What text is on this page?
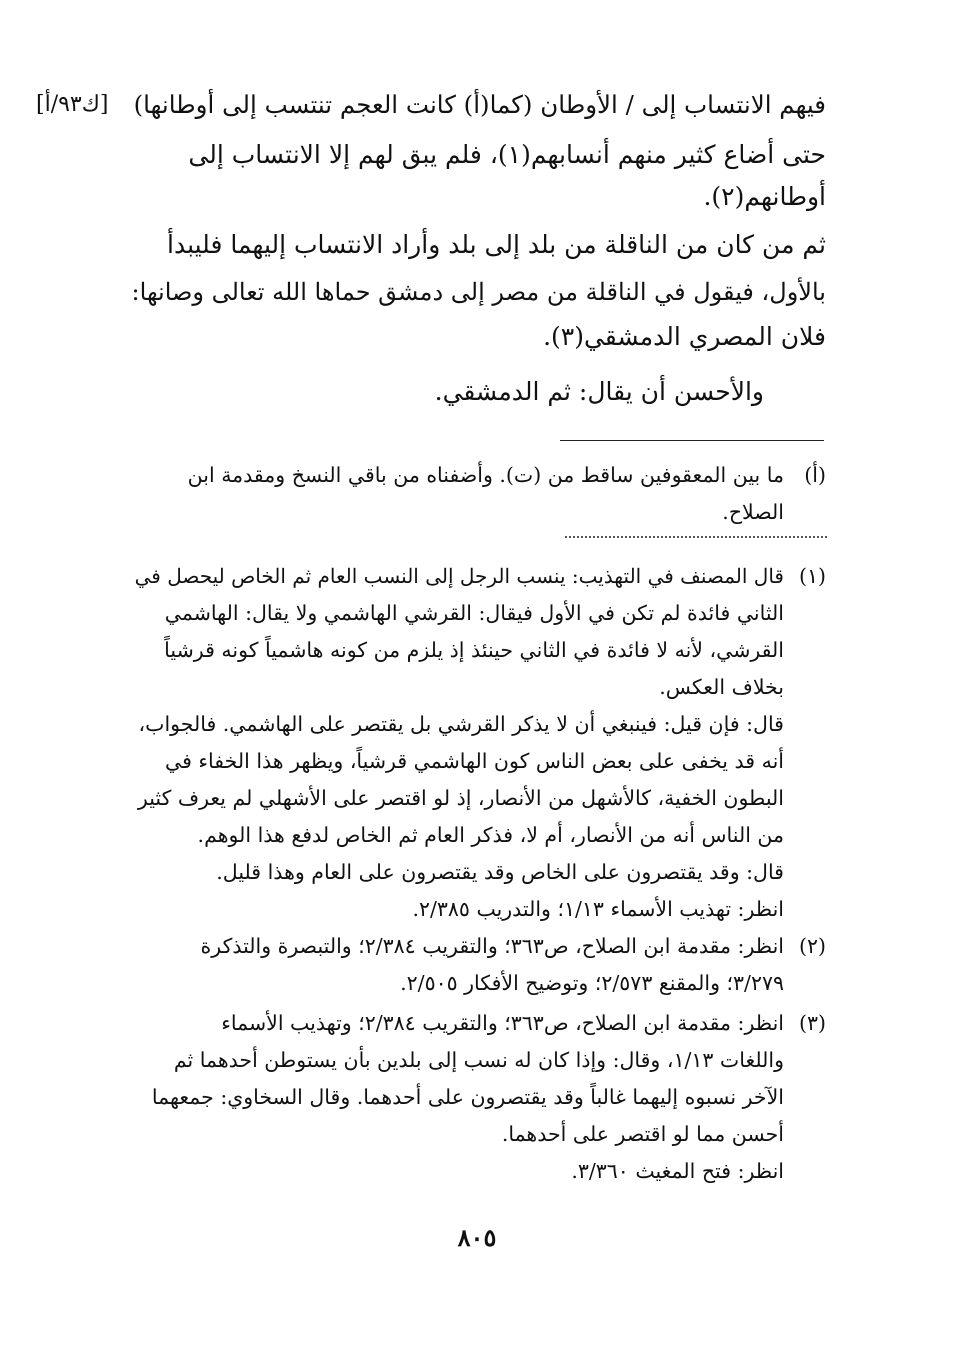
[ك٩٣/أ]	فيهم الانتساب إلى / الأوطان (كما(أ) كانت العجم تنتسب إلى أوطانها)
حتى أضاع كثير منهم أنسابهم(١)، فلم يبق لهم إلا الانتساب إلى
أوطانهم(٢).
ثم من كان من الناقلة من بلد إلى بلد وأراد الانتساب إليهما فليبدأ
بالأول، فيقول في الناقلة من مصر إلى دمشق حماها الله تعالى وصانها:
فلان المصري الدمشقي(٣).
والأحسن أن يقال: ثم الدمشقي.
(أ)
ما بين المعقوفين ساقط من (ت). وأضفناه من باقي النسخ ومقدمة ابن
الصلاح.
(١)
قال المصنف في التهذيب: ينسب الرجل إلى النسب العام ثم الخاص ليحصل في
الثاني فائدة لم تكن في الأول فيقال: القرشي الهاشمي ولا يقال: الهاشمي
القرشي، لأنه لا فائدة في الثاني حينئذ إذ يلزم من كونه هاشمياً كونه قرشياً
بخلاف العكس.
قال: فإن قيل: فينبغي أن لا يذكر القرشي بل يقتصر على الهاشمي. فالجواب،
أنه قد يخفى على بعض الناس كون الهاشمي قرشياً، ويظهر هذا الخفاء في
البطون الخفية، كالأشهل من الأنصار، إذ لو اقتصر على الأشهلي لم يعرف كثير
من الناس أنه من الأنصار، أم لا، فذكر العام ثم الخاص لدفع هذا الوهم.
قال: وقد يقتصرون على الخاص وقد يقتصرون على العام وهذا قليل.
انظر: تهذيب الأسماء ١/١٣؛ والتدريب ٢/٣٨٥.
(٢)
انظر: مقدمة ابن الصلاح، ص٣٦٣؛ والتقريب ٢/٣٨٤؛ والتبصرة والتذكرة
٣/٢٧٩؛ والمقنع ٢/٥٧٣؛ وتوضيح الأفكار ٢/٥٠٥.
(٣)
انظر: مقدمة ابن الصلاح، ص٣٦٣؛ والتقريب ٢/٣٨٤؛ وتهذيب الأسماء
واللغات ١/١٣، وقال: وإذا كان له نسب إلى بلدين بأن يستوطن أحدهما ثم
الآخر نسبوه إليهما غالباً وقد يقتصرون على أحدهما. وقال السخاوي: جمعهما
أحسن مما لو اقتصر على أحدهما.
انظر: فتح المغيث ٣/٣٦٠.
٨٠٥
